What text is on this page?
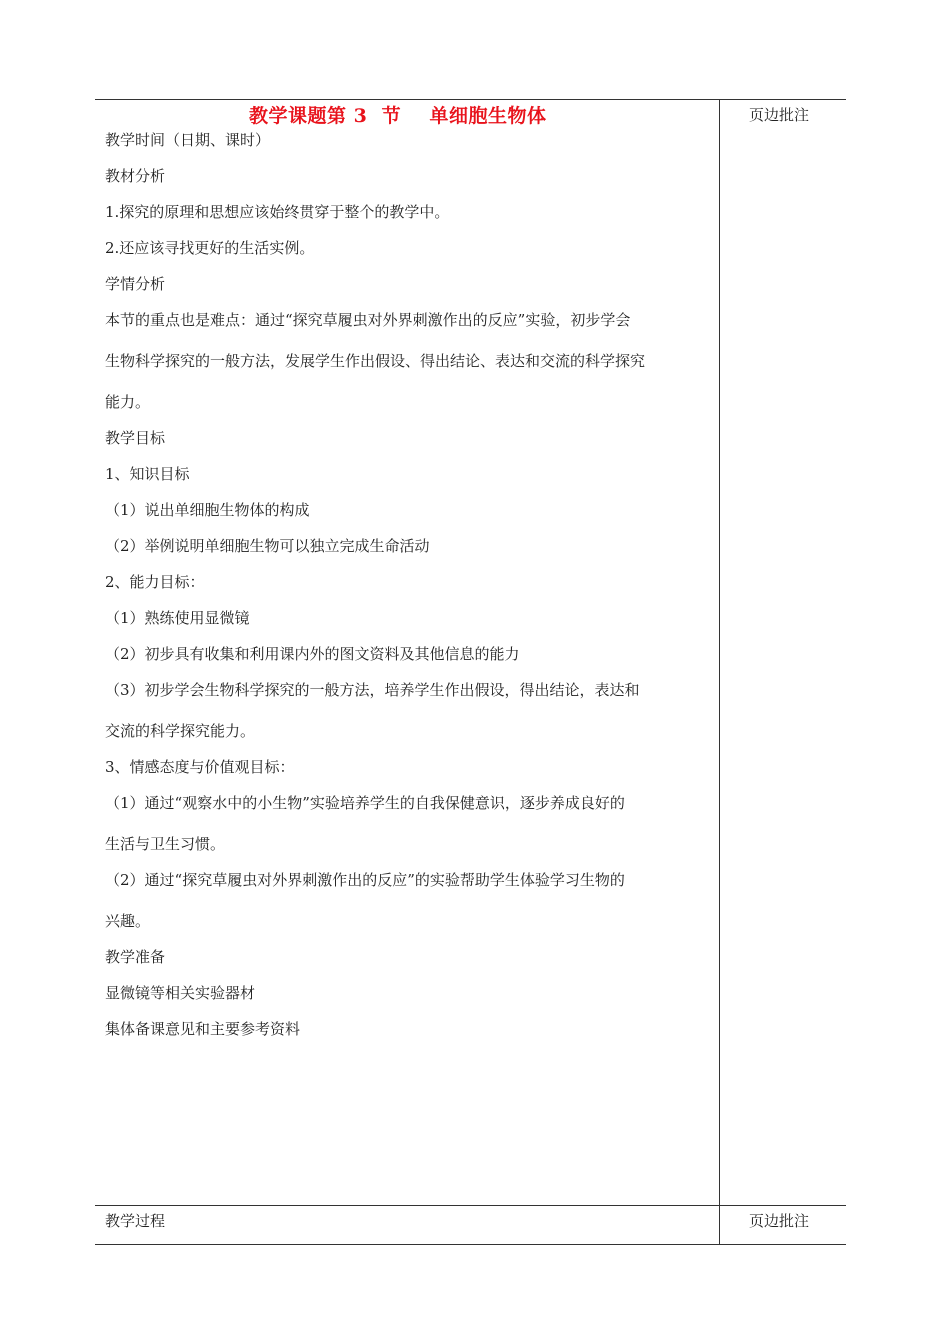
教学课题第 3  节    单细胞生物体	页边批注
教学时间（日期、课时）
教材分析
1.探究的原理和思想应该始终贯穿于整个的教学中。
2.还应该寻找更好的生活实例。
学情分析
本节的重点也是难点：通过“探究草履虫对外界刺激作出的反应”实验，初步学会
生物科学探究的一般方法，发展学生作出假设、得出结论、表达和交流的科学探究
能力。
教学目标
1、知识目标
（1）说出单细胞生物体的构成
（2）举例说明单细胞生物可以独立完成生命活动
2、能力目标：
（1）熟练使用显微镜
（2）初步具有收集和利用课内外的图文资料及其他信息的能力
（3）初步学会生物科学探究的一般方法，培养学生作出假设，得出结论，表达和
交流的科学探究能力。
3、情感态度与价值观目标：
（1）通过“观察水中的小生物”实验培养学生的自我保健意识，逐步养成良好的
生活与卫生习惯。
（2）通过“探究草履虫对外界刺激作出的反应”的实验帮助学生体验学习生物的
兴趣。
教学准备
显微镜等相关实验器材
集体备课意见和主要参考资料
教学过程	页边批注
